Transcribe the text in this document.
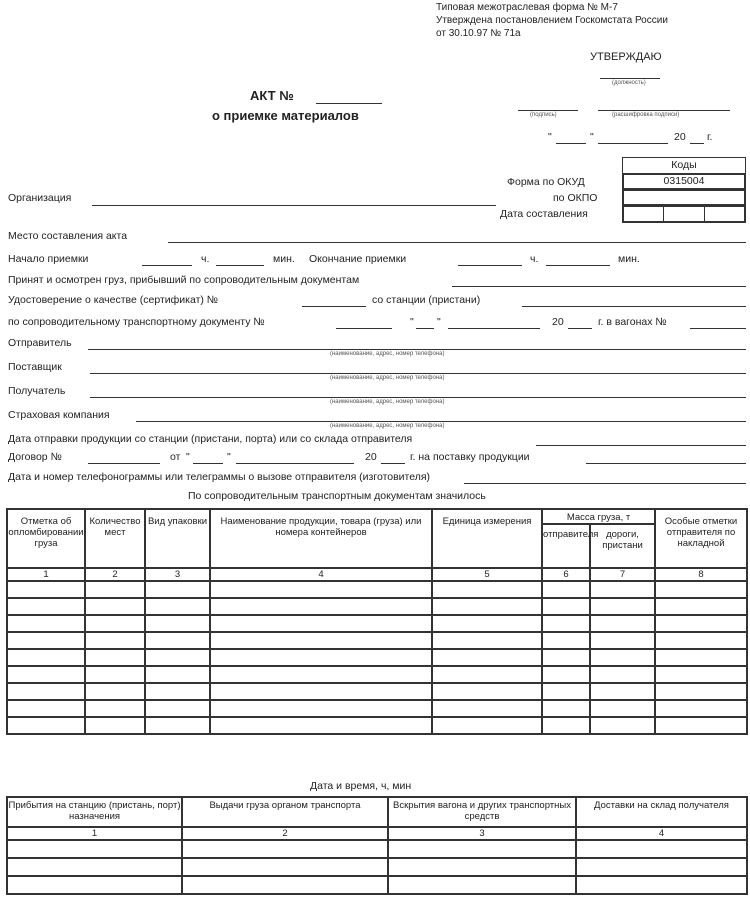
Типовая межотраслевая форма № М-7
Утверждена постановлением Госкомстата России
от 30.10.97 № 71а
УТВЕРЖДАЮ
(должность)
(подпись)	(расшифровка подписи)
"	"	20 г.
АКТ №
о приемке материалов
Коды
0315004
Форма по ОКУД
по ОКПО
Дата составления
Организация
Место составления акта
Начало приемки	ч.	мин. Окончание приемки	ч.	мин.
Принят и осмотрен груз, прибывший по сопроводительным документам
Удостоверение о качестве (сертификат) №	со станции (пристани)
по сопроводительному транспортному документу №	" "	20	г. в вагонах №
Отправитель
(наименование, адрес, номер телефона)
Поставщик
(наименование, адрес, номер телефона)
Получатель
(наименование, адрес, номер телефона)
Страховая компания
(наименование, адрес, номер телефона)
Дата отправки продукции со станции (пристани, порта) или со склада отправителя
Договор №	от "	"	20	г. на поставку продукции
Дата и номер телефонограммы или телеграммы о вызове отправителя (изготовителя)
По сопроводительным транспортным документам значилось
Отметка об опломбировании груза	Количество мест	Вид упаковки	Наименование продукции, товара (груза) или номера контейнеров	Единица измерения	Масса груза, т		Особые отметки отправителя по накладной
					отправителя	дороги, пристани	
1	2	3	4	5	6	7	8

Дата и время, ч, мин
Прибытия на станцию (пристань, порт) назначения	Выдачи груза органом транспорта	Вскрытия вагона и других транспортных средств	Доставки на склад получателя
1	2	3	4
